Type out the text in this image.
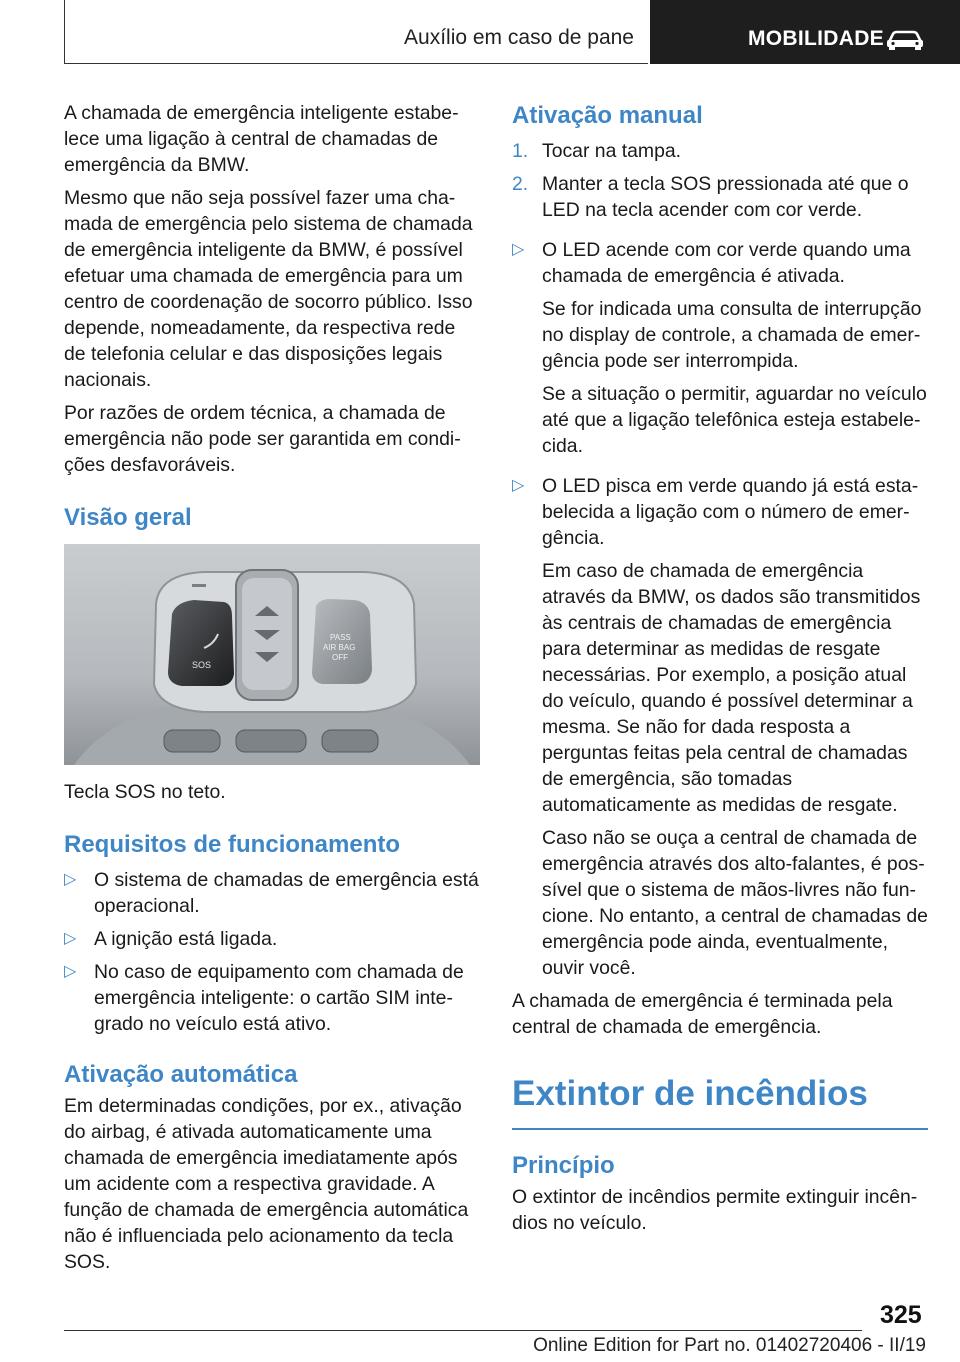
Auxílio em caso de pane	MOBILIDADE

A chamada de emergência inteligente estabelece uma ligação à central de chamadas de emergência da BMW.

Mesmo que não seja possível fazer uma chamada de emergência pelo sistema de chamada de emergência inteligente da BMW, é possível efetuar uma chamada de emergência para um centro de coordenação de socorro público. Isso depende, nomeadamente, da respectiva rede de telefonia celular e das disposições legais nacionais.

Por razões de ordem técnica, a chamada de emergência não pode ser garantida em condições desfavoráveis.

Visão geral
SOS
PASS
AIR BAG
OFF

Tecla SOS no teto.

Requisitos de funcionamento
▷ O sistema de chamadas de emergência está operacional.
▷ A ignição está ligada.
▷ No caso de equipamento com chamada de emergência inteligente: o cartão SIM integrado no veículo está ativo.
Ativação automática

Em determinadas condições, por ex., ativação do airbag, é ativada automaticamente uma chamada de emergência imediatamente após um acidente com a respectiva gravidade. A função de chamada de emergência automática não é influenciada pelo acionamento da tecla SOS.

Ativação manual
1. Tocar na tampa.
2. Manter a tecla SOS pressionada até que o LED na tecla acender com cor verde.
▷ O LED acende com cor verde quando uma chamada de emergência é ativada.

Se for indicada uma consulta de interrupção no display de controle, a chamada de emergência pode ser interrompida.

Se a situação o permitir, aguardar no veículo até que a ligação telefônica esteja estabelecida.

▷ O LED pisca em verde quando já está estabelecida a ligação com o número de emergência.

Em caso de chamada de emergência através da BMW, os dados são transmitidos às centrais de chamadas de emergência para determinar as medidas de resgate necessárias. Por exemplo, a posição atual do veículo, quando é possível determinar a mesma. Se não for dada resposta a perguntas feitas pela central de chamadas de emergência, são tomadas automaticamente as medidas de resgate.

Caso não se ouça a central de chamada de emergência através dos alto-falantes, é possível que o sistema de mãos-livres não funcione. No entanto, a central de chamadas de emergência pode ainda, eventualmente, ouvir você.

A chamada de emergência é terminada pela central de chamada de emergência.

Extintor de incêndios
Princípio

O extintor de incêndios permite extinguir incêndios no veículo.

325
Online Edition for Part no. 01402720406 - II/19
